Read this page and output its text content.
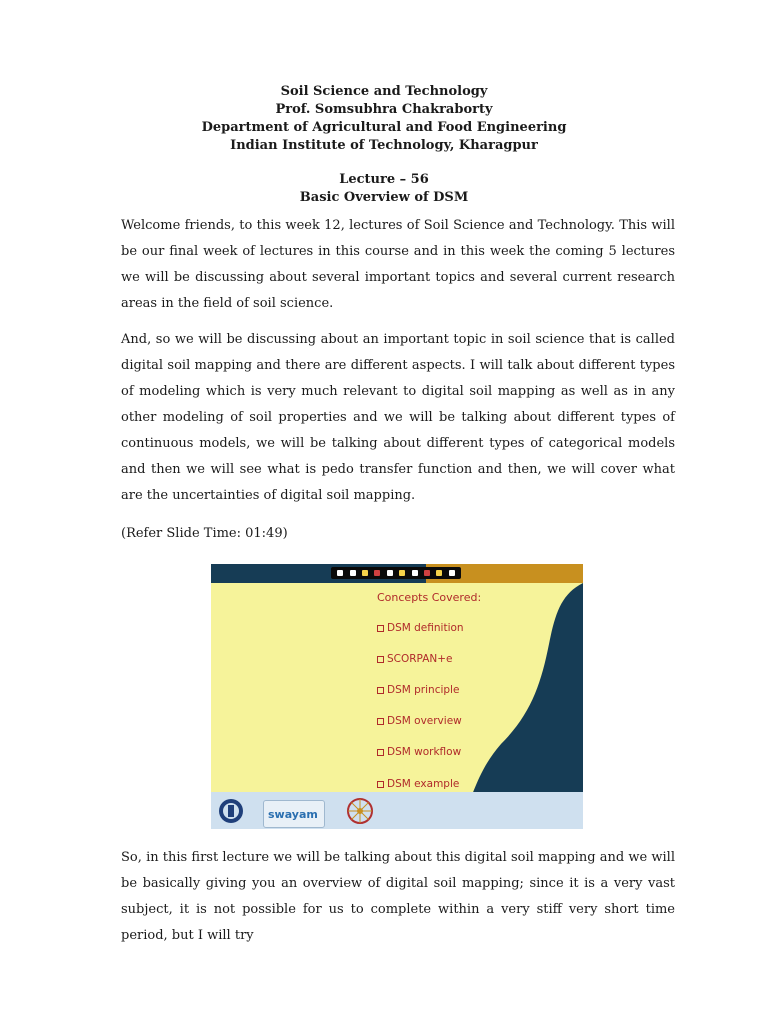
Soil Science and Technology
Prof. Somsubhra Chakraborty
Department of Agricultural and Food Engineering
Indian Institute of Technology, Kharagpur
Lecture – 56
Basic Overview of DSM

Welcome friends, to this week 12, lectures of Soil Science and Technology. This will be our final week of lectures in this course and in this week the coming 5 lectures we will be discussing about several important topics and several current research areas in the field of soil science.

And, so we will be discussing about an important topic in soil science that is called digital soil mapping and there are different aspects. I will talk about different types of modeling which is very much relevant to digital soil mapping as well as in any other modeling of soil properties and we will be talking about different types of continuous models, we will be talking about different types of categorical models and then we will see what is pedo transfer function and then, we will cover what are the uncertainties of digital soil mapping.

(Refer Slide Time: 01:49)

Concepts Covered:
DSM definition
SCORPAN+e
DSM principle
DSM overview
DSM workflow
DSM example
swayam

So, in this first lecture we will be talking about this digital soil mapping and we will be basically giving you an overview of digital soil mapping; since it is a very vast subject, it is not possible for us to complete within a very stiff very short time period, but I will try
